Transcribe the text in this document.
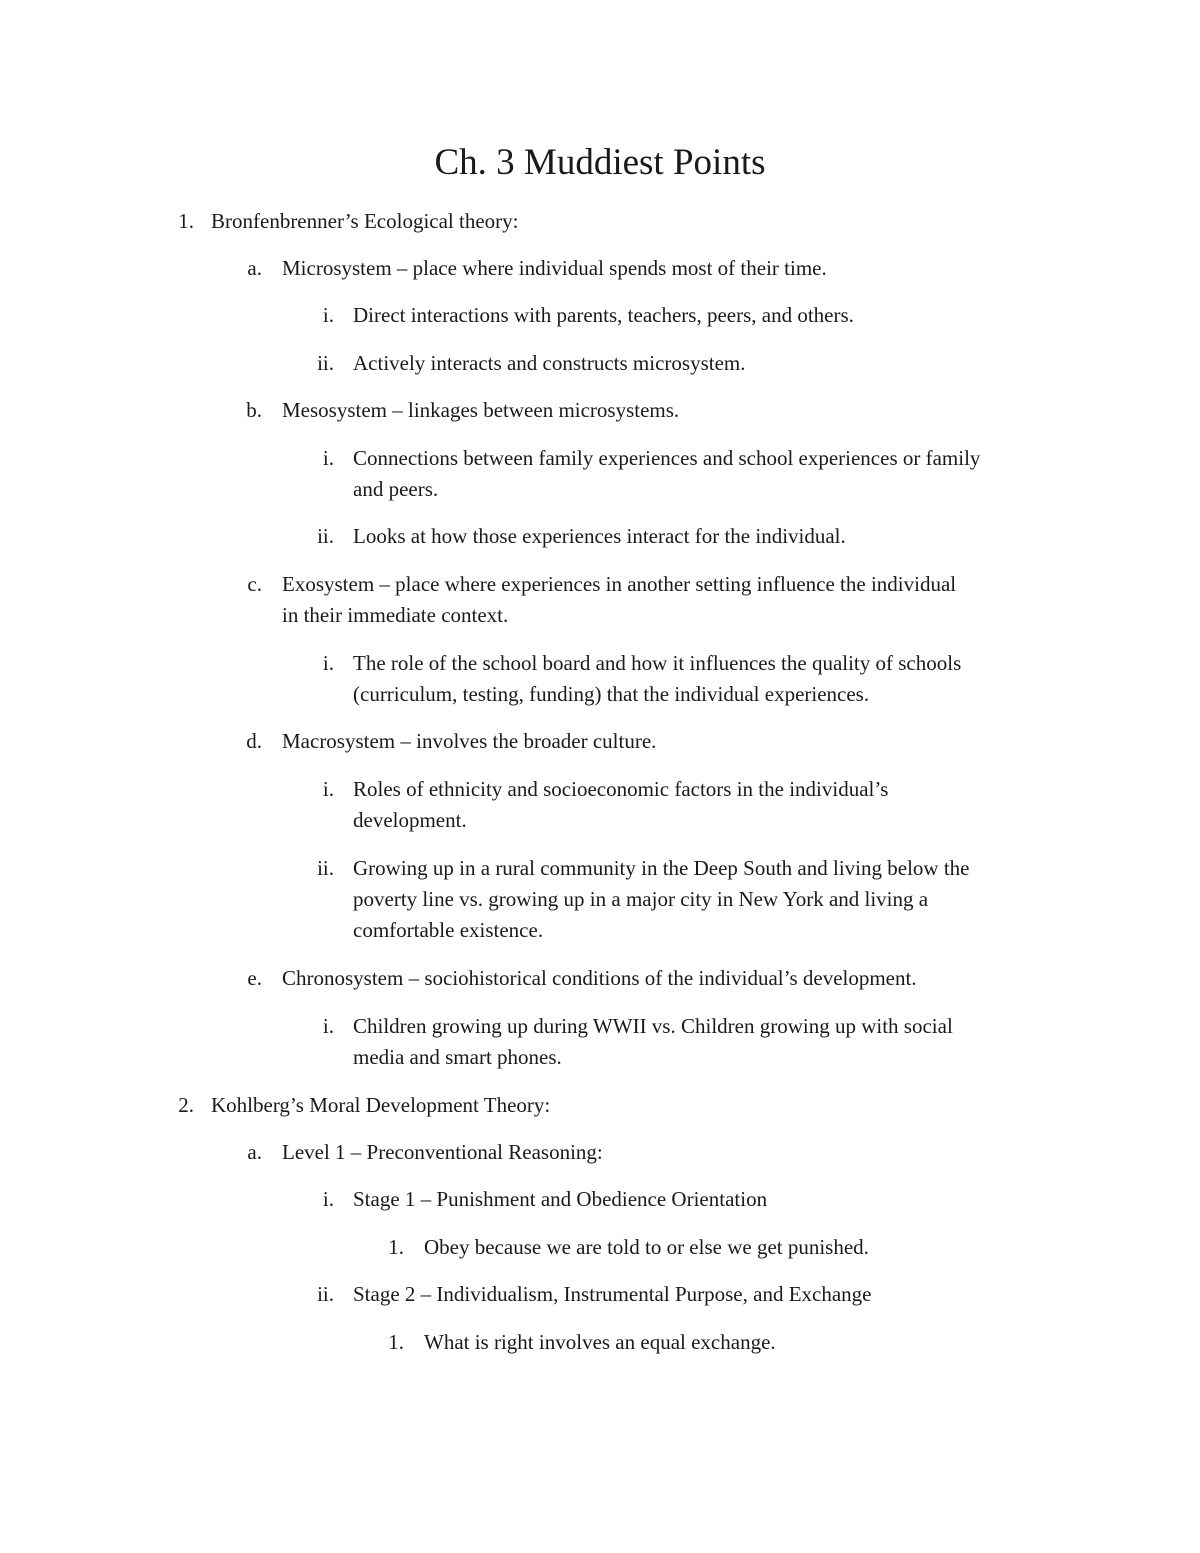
Ch. 3 Muddiest Points
1. Bronfenbrenner’s Ecological theory:
a. Microsystem – place where individual spends most of their time.
i. Direct interactions with parents, teachers, peers, and others.
ii. Actively interacts and constructs microsystem.
b. Mesosystem – linkages between microsystems.
i. Connections between family experiences and school experiences or family
and peers.
ii. Looks at how those experiences interact for the individual.
c. Exosystem – place where experiences in another setting influence the individual
in their immediate context.
i. The role of the school board and how it influences the quality of schools
(curriculum, testing, funding) that the individual experiences.
d. Macrosystem – involves the broader culture.
i. Roles of ethnicity and socioeconomic factors in the individual’s
development.
ii. Growing up in a rural community in the Deep South and living below the
poverty line vs. growing up in a major city in New York and living a
comfortable existence.
e. Chronosystem – sociohistorical conditions of the individual’s development.
i. Children growing up during WWII vs. Children growing up with social
media and smart phones.
2. Kohlberg’s Moral Development Theory:
a. Level 1 – Preconventional Reasoning:
i. Stage 1 – Punishment and Obedience Orientation
1. Obey because we are told to or else we get punished.
ii. Stage 2 – Individualism, Instrumental Purpose, and Exchange
1. What is right involves an equal exchange.
